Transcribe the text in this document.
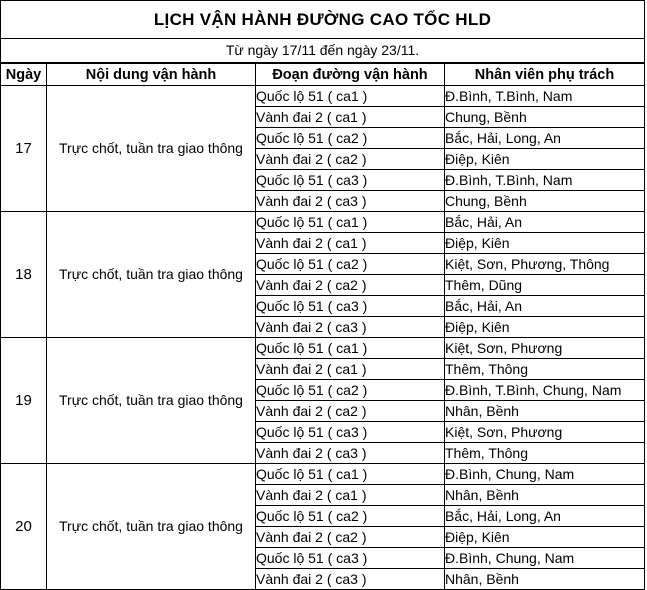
LỊCH VẬN HÀNH ĐƯỜNG CAO TỐC HLD
Từ ngày 17/11 đến ngày 23/11.
Ngày	Nội dung vận hành	Đoạn đường vận hành	Nhân viên phụ trách
17	Trực chốt, tuần tra giao thông	Quốc lộ 51 ( ca1 )	Đ.Bình, T.Bình, Nam
		Vành đai 2 ( ca1 )	Chung, Bềnh
		Quốc lộ 51 ( ca2 )	Bắc, Hải, Long, An
		Vành đai 2 ( ca2 )	Điệp, Kiên
		Quốc lộ 51 ( ca3 )	Đ.Bình, T.Bình, Nam
		Vành đai 2 ( ca3 )	Chung, Bềnh
18	Trực chốt, tuần tra giao thông	Quốc lộ 51 ( ca1 )	Bắc, Hải, An
		Vành đai 2 ( ca1 )	Điệp, Kiên
		Quốc lộ 51 ( ca2 )	Kiệt, Sơn, Phương, Thông
		Vành đai 2 ( ca2 )	Thêm, Dũng
		Quốc lộ 51 ( ca3 )	Bắc, Hải, An
		Vành đai 2 ( ca3 )	Điệp, Kiên
19	Trực chốt, tuần tra giao thông	Quốc lộ 51 ( ca1 )	Kiệt, Sơn, Phương
		Vành đai 2 ( ca1 )	Thêm, Thông
		Quốc lộ 51 ( ca2 )	Đ.Bình, T.Bình, Chung, Nam
		Vành đai 2 ( ca2 )	Nhân, Bềnh
		Quốc lộ 51 ( ca3 )	Kiệt, Sơn, Phương
		Vành đai 2 ( ca3 )	Thêm, Thông
20	Trực chốt, tuần tra giao thông	Quốc lộ 51 ( ca1 )	Đ.Bình, Chung, Nam
		Vành đai 2 ( ca1 )	Nhân, Bềnh
		Quốc lộ 51 ( ca2 )	Bắc, Hải, Long, An
		Vành đai 2 ( ca2 )	Điệp, Kiên
		Quốc lộ 51 ( ca3 )	Đ.Bình, Chung, Nam
		Vành đai 2 ( ca3 )	Nhân, Bềnh
